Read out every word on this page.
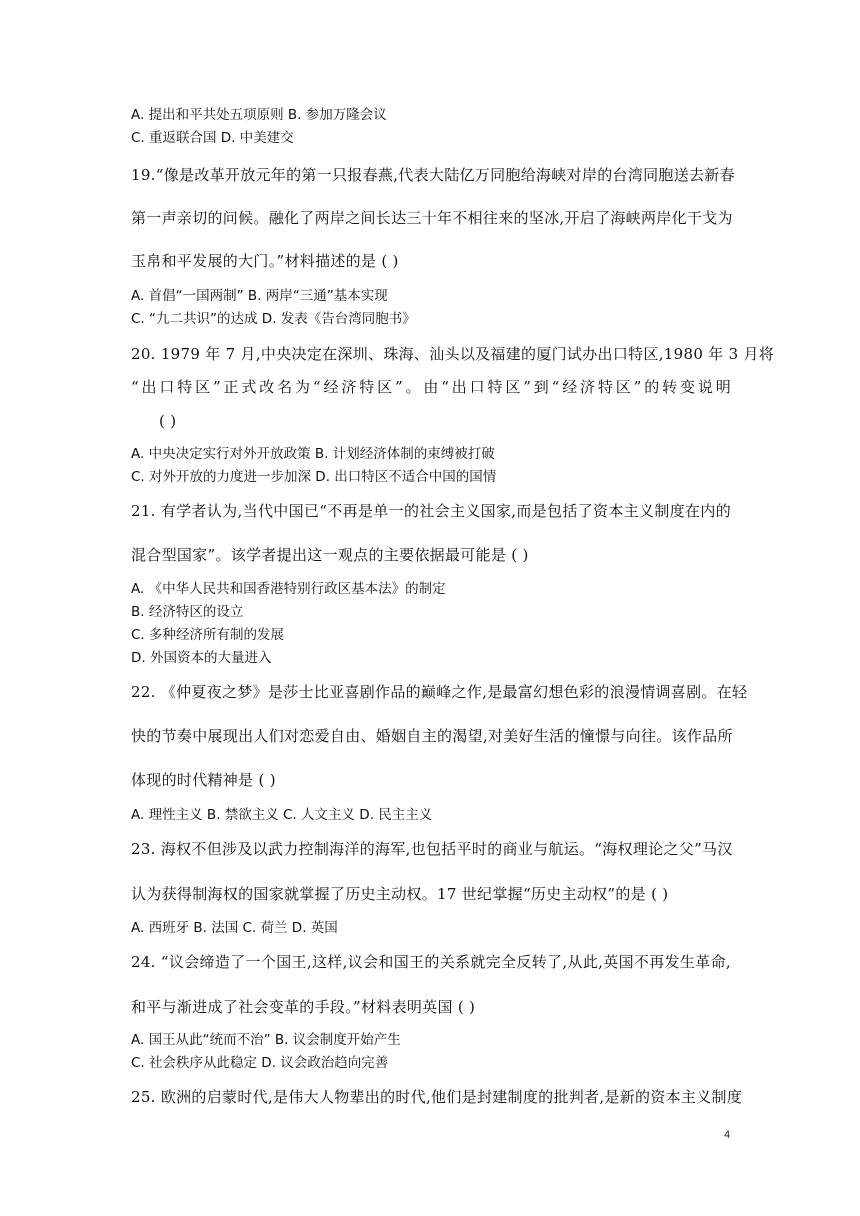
A. 提出和平共处五项原则 B. 参加万隆会议
C. 重返联合国 D. 中美建交
19.“像是改革开放元年的第一只报春燕,代表大陆亿万同胞给海峡对岸的台湾同胞送去新春
第一声亲切的问候。融化了两岸之间长达三十年不相往来的坚冰,开启了海峡两岸化干戈为
玉帛和平发展的大门。”材料描述的是 ( )
A. 首倡“一国两制” B. 两岸“三通”基本实现
C. “九二共识”的达成 D. 发表《告台湾同胞书》
20. 1979 年 7 月,中央决定在深圳、珠海、汕头以及福建的厦门试办出口特区,1980 年 3 月将
“出口特区”正式改名为“经济特区”。由“出口特区”到“经济特区”的转变说明
( )
A. 中央决定实行对外开放政策 B. 计划经济体制的束缚被打破
C. 对外开放的力度进一步加深 D. 出口特区不适合中国的国情
21. 有学者认为,当代中国已“不再是单一的社会主义国家,而是包括了资本主义制度在内的
混合型国家”。该学者提出这一观点的主要依据最可能是 ( )
A. 《中华人民共和国香港特别行政区基本法》的制定
B. 经济特区的设立
C. 多种经济所有制的发展
D. 外国资本的大量进入
22. 《仲夏夜之梦》是莎士比亚喜剧作品的巅峰之作,是最富幻想色彩的浪漫情调喜剧。在轻
快的节奏中展现出人们对恋爱自由、婚姻自主的渴望,对美好生活的憧憬与向往。该作品所
体现的时代精神是 ( )
A. 理性主义 B. 禁欲主义 C. 人文主义 D. 民主主义
23. 海权不但涉及以武力控制海洋的海军,也包括平时的商业与航运。“海权理论之父”马汉
认为获得制海权的国家就掌握了历史主动权。17 世纪掌握“历史主动权”的是 ( )
A. 西班牙 B. 法国 C. 荷兰 D. 英国
24. “议会缔造了一个国王,这样,议会和国王的关系就完全反转了,从此,英国不再发生革命,
和平与渐进成了社会变革的手段。”材料表明英国 ( )
A. 国王从此“统而不治” B. 议会制度开始产生
C. 社会秩序从此稳定 D. 议会政治趋向完善
25. 欧洲的启蒙时代,是伟大人物辈出的时代,他们是封建制度的批判者,是新的资本主义制度
4
